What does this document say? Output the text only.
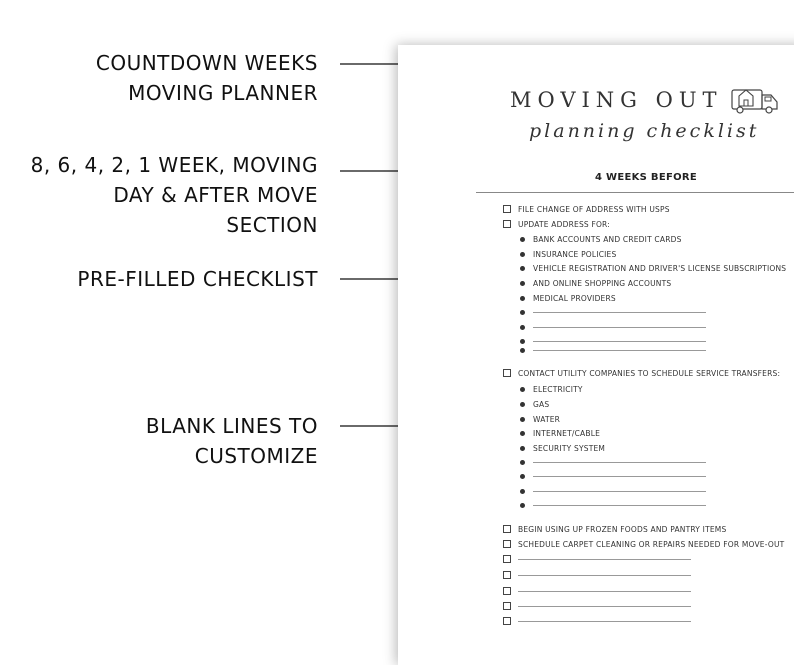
COUNTDOWN WEEKS
MOVING PLANNER
8, 6, 4, 2, 1 WEEK, MOVING
DAY & AFTER MOVE
SECTION
PRE-FILLED CHECKLIST
BLANK LINES TO
CUSTOMIZE
MOVING OUT
planning checklist
4 WEEKS BEFORE
FILE CHANGE OF ADDRESS WITH USPS
UPDATE ADDRESS FOR:
BANK ACCOUNTS AND CREDIT CARDS
INSURANCE POLICIES
VEHICLE REGISTRATION AND DRIVER'S LICENSE SUBSCRIPTIONS
AND ONLINE SHOPPING ACCOUNTS
MEDICAL PROVIDERS
CONTACT UTILITY COMPANIES TO SCHEDULE SERVICE TRANSFERS:
ELECTRICITY
GAS
WATER
INTERNET/CABLE
SECURITY SYSTEM
BEGIN USING UP FROZEN FOODS AND PANTRY ITEMS
SCHEDULE CARPET CLEANING OR REPAIRS NEEDED FOR MOVE-OUT
